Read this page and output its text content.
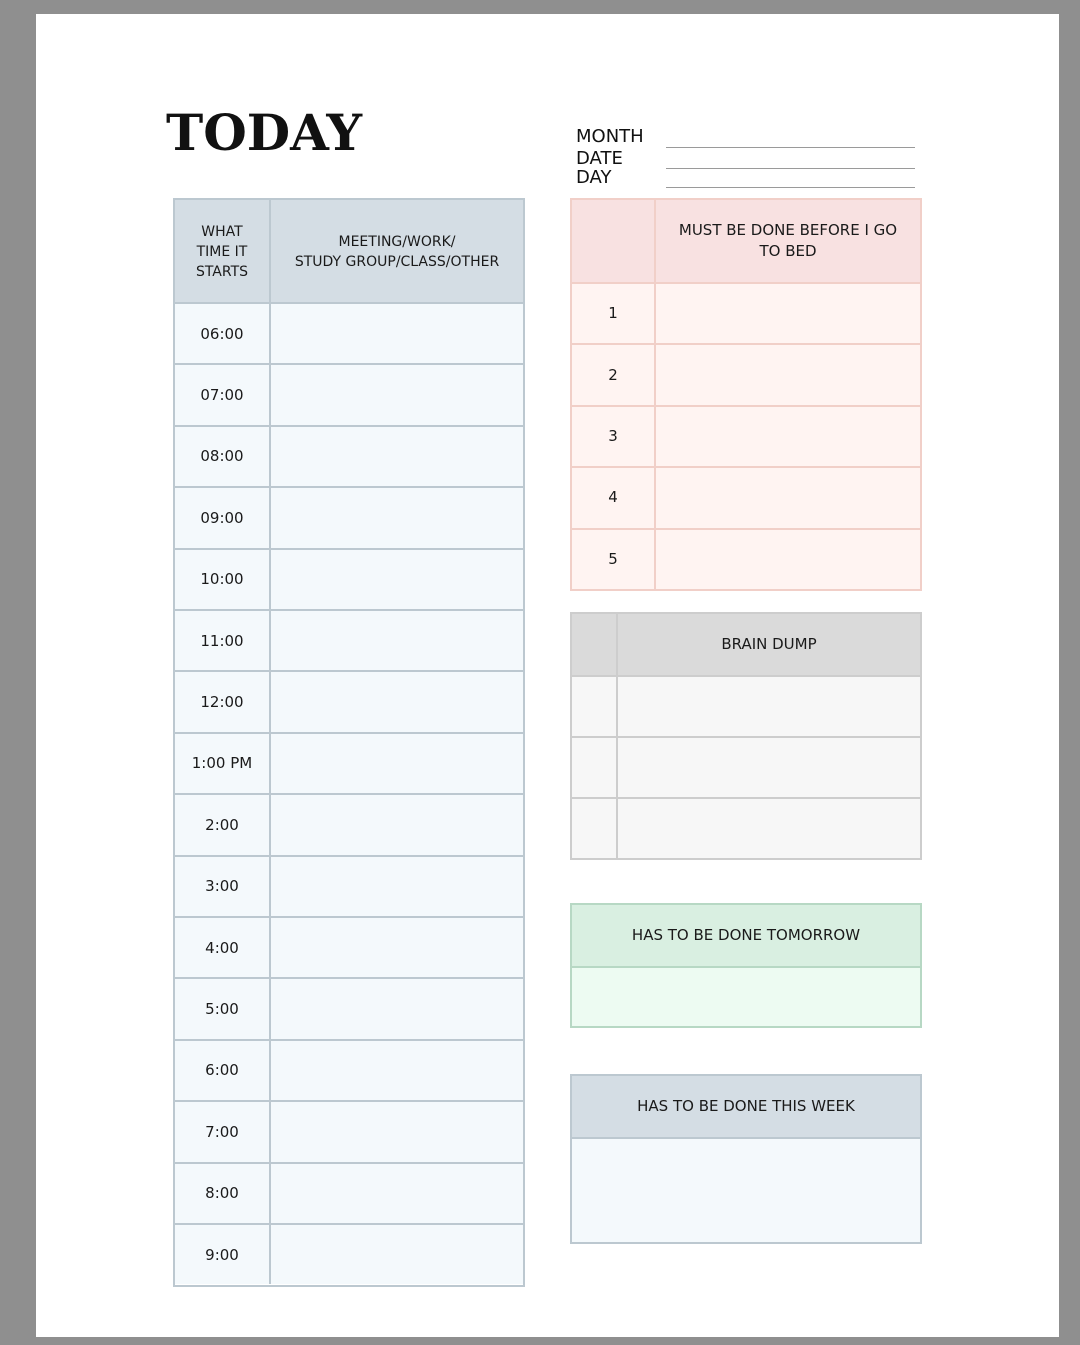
TODAY	MONTH
DATE
DAY
WHAT
TIME IT
STARTS
MEETING/WORK/
STUDY GROUP/CLASS/OTHER
06:00
07:00
08:00
09:00
10:00
11:00
12:00
1:00 PM
2:00
3:00
4:00
5:00
6:00
7:00
8:00
9:00
MUST BE DONE BEFORE I GO TO BED
1
2
3
4
5
BRAIN DUMP
HAS TO BE DONE TOMORROW
HAS TO BE DONE THIS WEEK
